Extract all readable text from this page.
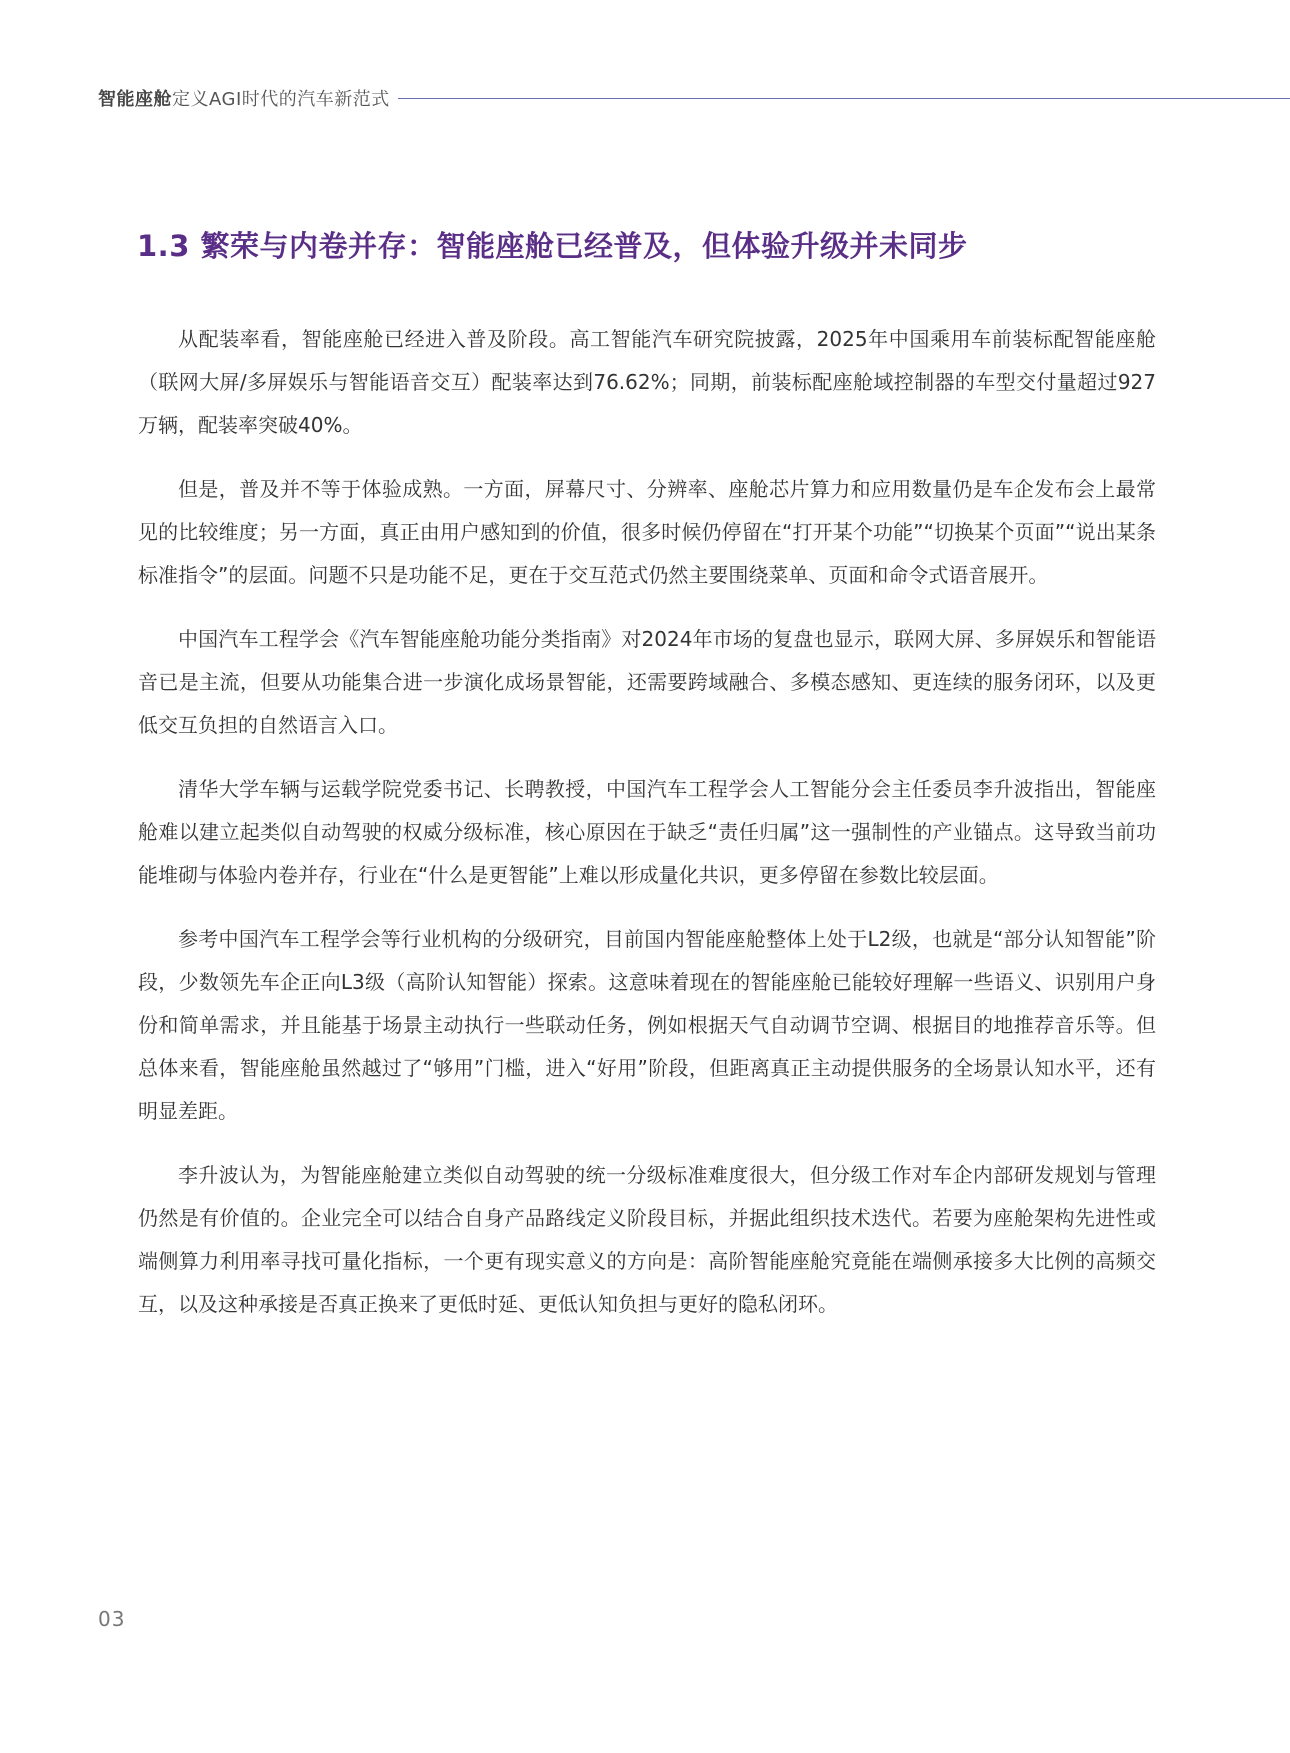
智能座舱定义AGI时代的汽车新范式
1.3 繁荣与内卷并存：智能座舱已经普及，但体验升级并未同步

从配装率看，智能座舱已经进入普及阶段。高工智能汽车研究院披露，2025年中国乘用车前装标配智能座舱（联网大屏/多屏娱乐与智能语音交互）配装率达到76.62%；同期，前装标配座舱域控制器的车型交付量超过927万辆，配装率突破40%。

但是，普及并不等于体验成熟。一方面，屏幕尺寸、分辨率、座舱芯片算力和应用数量仍是车企发布会上最常见的比较维度；另一方面，真正由用户感知到的价值，很多时候仍停留在“打开某个功能”“切换某个页面”“说出某条标准指令”的层面。问题不只是功能不足，更在于交互范式仍然主要围绕菜单、页面和命令式语音展开。

中国汽车工程学会《汽车智能座舱功能分类指南》对2024年市场的复盘也显示，联网大屏、多屏娱乐和智能语音已是主流，但要从功能集合进一步演化成场景智能，还需要跨域融合、多模态感知、更连续的服务闭环，以及更低交互负担的自然语言入口。

清华大学车辆与运载学院党委书记、长聘教授，中国汽车工程学会人工智能分会主任委员李升波指出，智能座舱难以建立起类似自动驾驶的权威分级标准，核心原因在于缺乏“责任归属”这一强制性的产业锚点。这导致当前功能堆砌与体验内卷并存，行业在“什么是更智能”上难以形成量化共识，更多停留在参数比较层面。

参考中国汽车工程学会等行业机构的分级研究，目前国内智能座舱整体上处于L2级，也就是“部分认知智能”阶段，少数领先车企正向L3级（高阶认知智能）探索。这意味着现在的智能座舱已能较好理解一些语义、识别用户身份和简单需求，并且能基于场景主动执行一些联动任务，例如根据天气自动调节空调、根据目的地推荐音乐等。但总体来看，智能座舱虽然越过了“够用”门槛，进入“好用”阶段，但距离真正主动提供服务的全场景认知水平，还有明显差距。

李升波认为，为智能座舱建立类似自动驾驶的统一分级标准难度很大，但分级工作对车企内部研发规划与管理仍然是有价值的。企业完全可以结合自身产品路线定义阶段目标，并据此组织技术迭代。若要为座舱架构先进性或端侧算力利用率寻找可量化指标，一个更有现实意义的方向是：高阶智能座舱究竟能在端侧承接多大比例的高频交互，以及这种承接是否真正换来了更低时延、更低认知负担与更好的隐私闭环。

03
